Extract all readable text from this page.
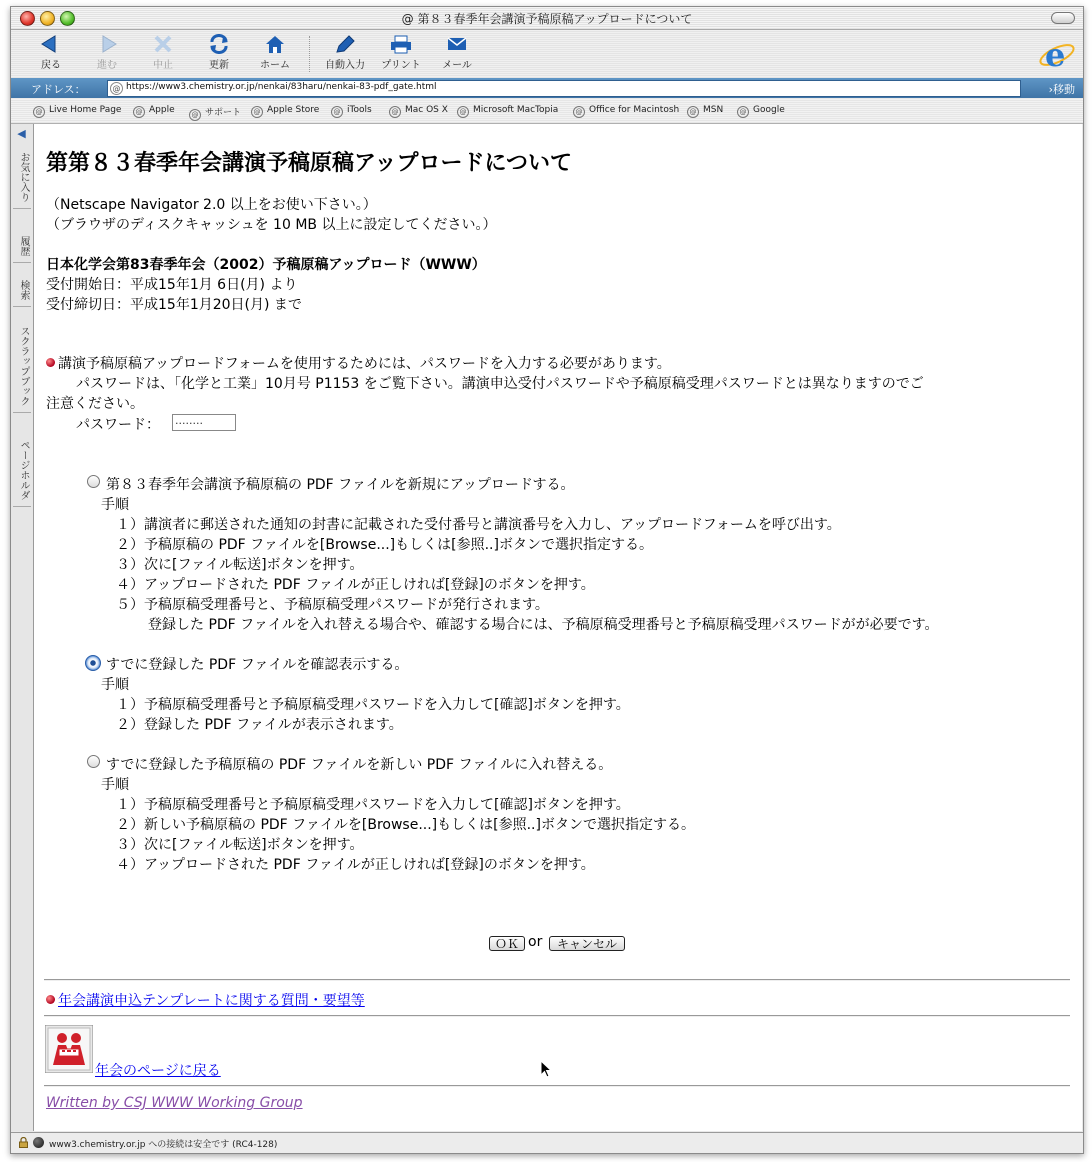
@ 第８３春季年会講演予稿原稿アップロードについて
戻る	進む	中止	更新	ホーム	自動入力	プリント	メール	e
アドレス：	@ https://www3.chemistry.or.jp/nenkai/83haru/nenkai-83-pdf_gate.html	›移動
@ Live Home Page	@ Apple	@ サポート	@ Apple Store	@ iTools	@ Mac OS X	@ Microsoft MacTopia	@ Office for Macintosh	@ MSN	@ Google
◀
お気に入り
履歴
検索
スクラップブック
ページホルダ
第第８３春季年会講演予稿原稿アップロードについて
（Netscape Navigator 2.0 以上をお使い下さい。）
（ブラウザのディスクキャッシュを 10 MB 以上に設定してください。）
日本化学会第83春季年会（2002）予稿原稿アップロード（WWW）
受付開始日：平成15年1月 6日(月) より
受付締切日：平成15年1月20日(月) まで
講演予稿原稿アップロードフォームを使用するためには、パスワードを入力する必要があります。
パスワードは、「化学と工業」10月号 P1153 をご覧下さい。講演申込受付パスワードや予稿原稿受理パスワードとは異なりますのでご
注意ください。
パスワード： ········
第８３春季年会講演予稿原稿の PDF ファイルを新規にアップロードする。
手順
１）講演者に郵送された通知の封書に記載された受付番号と講演番号を入力し、アップロードフォームを呼び出す。
２）予稿原稿の PDF ファイルを[Browse...]もしくは[参照..]ボタンで選択指定する。
３）次に[ファイル転送]ボタンを押す。
４）アップロードされた PDF ファイルが正しければ[登録]のボタンを押す。
５）予稿原稿受理番号と、予稿原稿受理パスワードが発行されます。
登録した PDF ファイルを入れ替える場合や、確認する場合には、予稿原稿受理番号と予稿原稿受理パスワードがが必要です。
すでに登録した PDF ファイルを確認表示する。
手順
１）予稿原稿受理番号と予稿原稿受理パスワードを入力して[確認]ボタンを押す。
２）登録した PDF ファイルが表示されます。
すでに登録した予稿原稿の PDF ファイルを新しい PDF ファイルに入れ替える。
手順
１）予稿原稿受理番号と予稿原稿受理パスワードを入力して[確認]ボタンを押す。
２）新しい予稿原稿の PDF ファイルを[Browse...]もしくは[参照..]ボタンで選択指定する。
３）次に[ファイル転送]ボタンを押す。
４）アップロードされた PDF ファイルが正しければ[登録]のボタンを押す。
ＯＫ or	キャンセル
年会講演申込テンプレートに関する質問・要望等
年会のページに戻る
Written by CSJ WWW Working Group
www3.chemistry.or.jp への接続は安全です (RC4-128)
